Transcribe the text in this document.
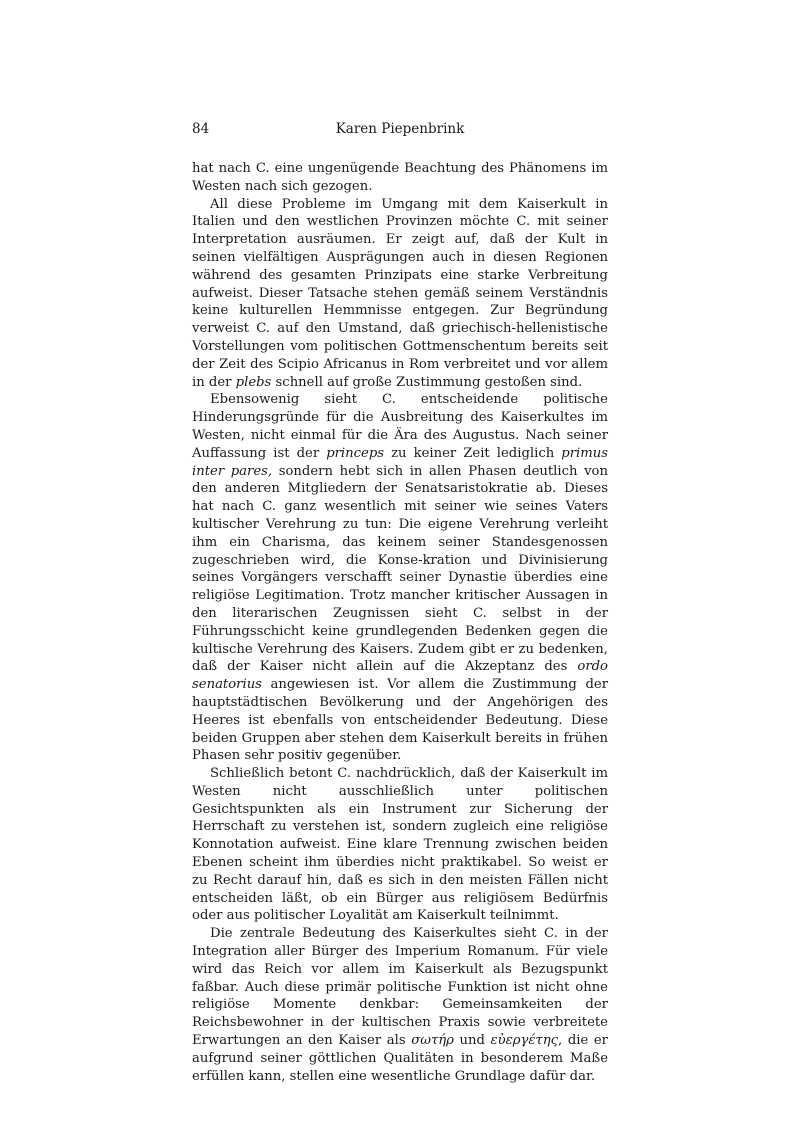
84	Karen Piepenbrink

hat nach C. eine ungenügende Beachtung des Phänomens im Westen nach sich gezogen.

All diese Probleme im Umgang mit dem Kaiserkult in Italien und den westlichen Provinzen möchte C. mit seiner Interpretation ausräumen. Er zeigt auf, daß der Kult in seinen vielfältigen Ausprägungen auch in diesen Regionen während des gesamten Prinzipats eine starke Verbreitung aufweist. Dieser Tatsache stehen gemäß seinem Verständnis keine kulturellen Hemmnisse entgegen. Zur Begründung verweist C. auf den Umstand, daß griechisch-hellenistische Vorstellungen vom politischen Gottmenschentum bereits seit der Zeit des Scipio Africanus in Rom verbreitet und vor allem in der plebs schnell auf große Zustimmung gestoßen sind.

Ebensowenig sieht C. entscheidende politische Hinderungsgründe für die Ausbreitung des Kaiserkultes im Westen, nicht einmal für die Ära des Augustus. Nach seiner Auffassung ist der princeps zu keiner Zeit lediglich primus inter pares, sondern hebt sich in allen Phasen deutlich von den anderen Mitgliedern der Senatsaristokratie ab. Dieses hat nach C. ganz wesentlich mit seiner wie seines Vaters kultischer Verehrung zu tun: Die eigene Verehrung verleiht ihm ein Charisma, das keinem seiner Standesgenossen zugeschrieben wird, die Konse-kration und Divinisierung seines Vorgängers verschafft seiner Dynastie überdies eine religiöse Legitimation. Trotz mancher kritischer Aussagen in den literarischen Zeugnissen sieht C. selbst in der Führungsschicht keine grundlegenden Bedenken gegen die kultische Verehrung des Kaisers. Zudem gibt er zu bedenken, daß der Kaiser nicht allein auf die Akzeptanz des ordo senatorius angewiesen ist. Vor allem die Zustimmung der hauptstädtischen Bevölkerung und der Angehörigen des Heeres ist ebenfalls von entscheidender Bedeutung. Diese beiden Gruppen aber stehen dem Kaiserkult bereits in frühen Phasen sehr positiv gegenüber.

Schließlich betont C. nachdrücklich, daß der Kaiserkult im Westen nicht ausschließlich unter politischen Gesichtspunkten als ein Instrument zur Sicherung der Herrschaft zu verstehen ist, sondern zugleich eine religiöse Konnotation aufweist. Eine klare Trennung zwischen beiden Ebenen scheint ihm überdies nicht praktikabel. So weist er zu Recht darauf hin, daß es sich in den meisten Fällen nicht entscheiden läßt, ob ein Bürger aus religiösem Bedürfnis oder aus politischer Loyalität am Kaiserkult teilnimmt.

Die zentrale Bedeutung des Kaiserkultes sieht C. in der Integration aller Bürger des Imperium Romanum. Für viele wird das Reich vor allem im Kaiserkult als Bezugspunkt faßbar. Auch diese primär politische Funktion ist nicht ohne religiöse Momente denkbar: Gemeinsamkeiten der Reichsbewohner in der kultischen Praxis sowie verbreitete Erwartungen an den Kaiser als σωτήρ und εὐεργέτης, die er aufgrund seiner göttlichen Qualitäten in besonderem Maße erfüllen kann, stellen eine wesentliche Grundlage dafür dar.
